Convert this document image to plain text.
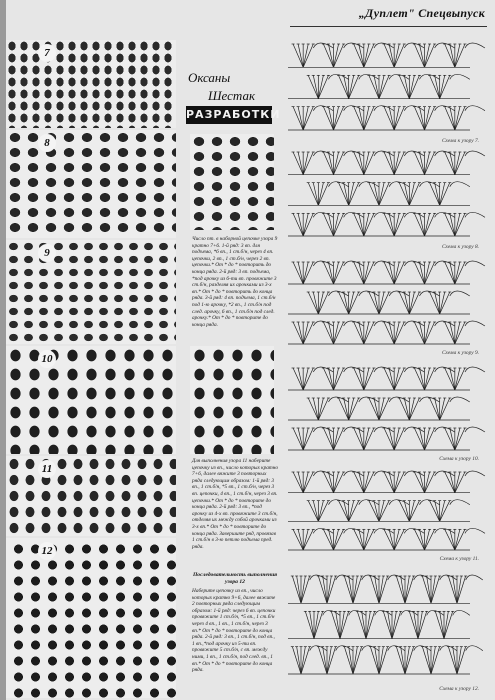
„Дуплет" Спецвыпуск
7
8
9
10
11
12
Оксаны
Шестак
РАЗРАБОТКИ

Число пт. в наборной цепочке узора 9 кратно 7+6. 1-й ряд: 3 вп. для подъема, *6 вп., 1 ст.б/н, через 4 вп. цепочки, 2 вп., 1 ст.б/н, через 2 вп. цепочки.* От * до * повторить до конца ряда. 2-й ряд: 3 вп. подъема, *под арочку из 6-ти вп. провяжите 3 ст.б/н, разделяя их арочками из 3-х вп.* От * до * повторить до конца ряда. 3-й ряд: 4 вп. подъема, 1 ст.б/н под 1-ю арочку, *2 вп., 1 ст.б/н под след. арочку, 6 вп., 1 ст.б/н под след. арочку.* От * до * повторите до конца ряда.

Для выполнения узора 11 наберите цепочку из вп., число которых кратно 7+6, далее вяжите 3 повторных ряда следующим образом: 1-й ряд: 3 вп., 1 ст.б/н, *5 вп., 1 ст.б/н, через 3 вп. цепочки, 4 вп., 1 ст.б/н, через 3 вп. цепочки.* От * до * повторите до конца ряда. 2-й ряд: 3 вп., *под арочку из 4-х вп. провяжите 3 ст.б/н, отделяя их между собой арочками из 3-х вп.* От * до * повторите до конца ряда. Завершите ряд, провязав 1 ст.б/н в 3-ю петлю подъема пред. ряда.

Последовательность выполнения узора 12

Наберите цепочку из вп., число которых кратно 9+6, далее вяжите 2 повторных ряда следующим образом: 1-й ряд: через 6 вп. цепочки провяжите 1 ст.б/н, *5 вп., 1 ст.б/н через 4 вп., 1 вп., 1 ст.б/н, через 3 вп.* От * до * повторите до конца ряда. 2-й ряд: 3 вп., 1 ст.б/н, под вп., 1 вп.,*под арочку из 5-ти вп. провяжите 5 ст.б/н, с вп. между ними, 1 вп., 1 ст.б/н, под след. вп., 1 вп.* От * до * повторите до конца ряда.

Схема к узору 7.
Схема к узору 8.
Схема к узору 9.
Схема к узору 10.
Схема к узору 11.
Схема к узору 12.
